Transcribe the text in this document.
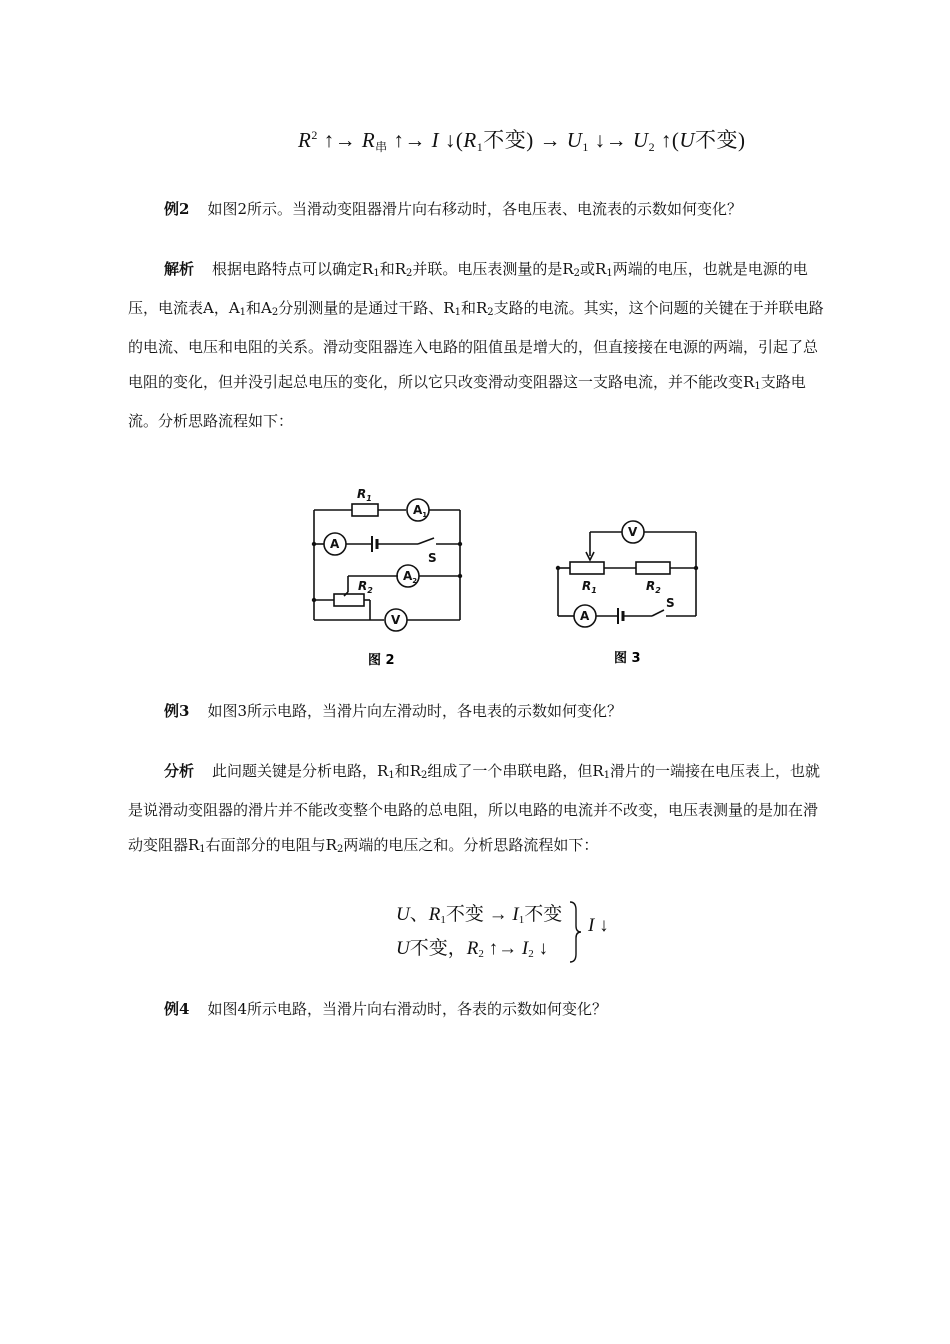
$R^2$ ↑→ $R_串$ ↑→ I $↓(R_1$不变) → $U_1$ ↓→ $U_2$ ↑(U不变)
例2 如图2所示。当滑动变阻器滑片向右移动时，各电压表、电流表的示数如何变化？
解析 根据电路特点可以确定$R_1$和$R_2$并联。电压表测量的是$R_2$或$R_1$两端的电压，也就是电源的电压，电流表A，$A_1$和$A_2$分别测量的是通过干路、$R_1$和$R_2$支路的电流。其实，这个问题的关键在于并联电路的电流、电压和电阻的关系。滑动变阻器连入电路的阻值虽是增大的，但直接接在电源的两端，引起了总电阻的变化，但并没引起总电压的变化，所以它只改变滑动变阻器这一支路电流，并不能改变$R_1$支路电流。分析思路流程如下：
$R_1$
$A_1$
A
S
$A_2$
$R_2$
V
V
$R_1$	$R_2$
S
A
图 2	图 3
例3 如图3所示电路，当滑片向左滑动时，各电表的示数如何变化？
分析 此问题关键是分析电路，$R_1$和$R_2$组成了一个串联电路，但$R_1$滑片的一端接在电压表上，也就是说滑动变阻器的滑片并不能改变整个电路的总电阻，所以电路的电流并不改变，电压表测量的是加在滑动变阻器$R_1$右面部分的电阻与$R_2$两端的电压之和。分析思路流程如下：
U、$R_1$不变 → $I_1$不变
U不变，$R_2$ ↑→ $I_2$ ↓
I ↓
例4 如图4所示电路，当滑片向右滑动时，各表的示数如何变化？
